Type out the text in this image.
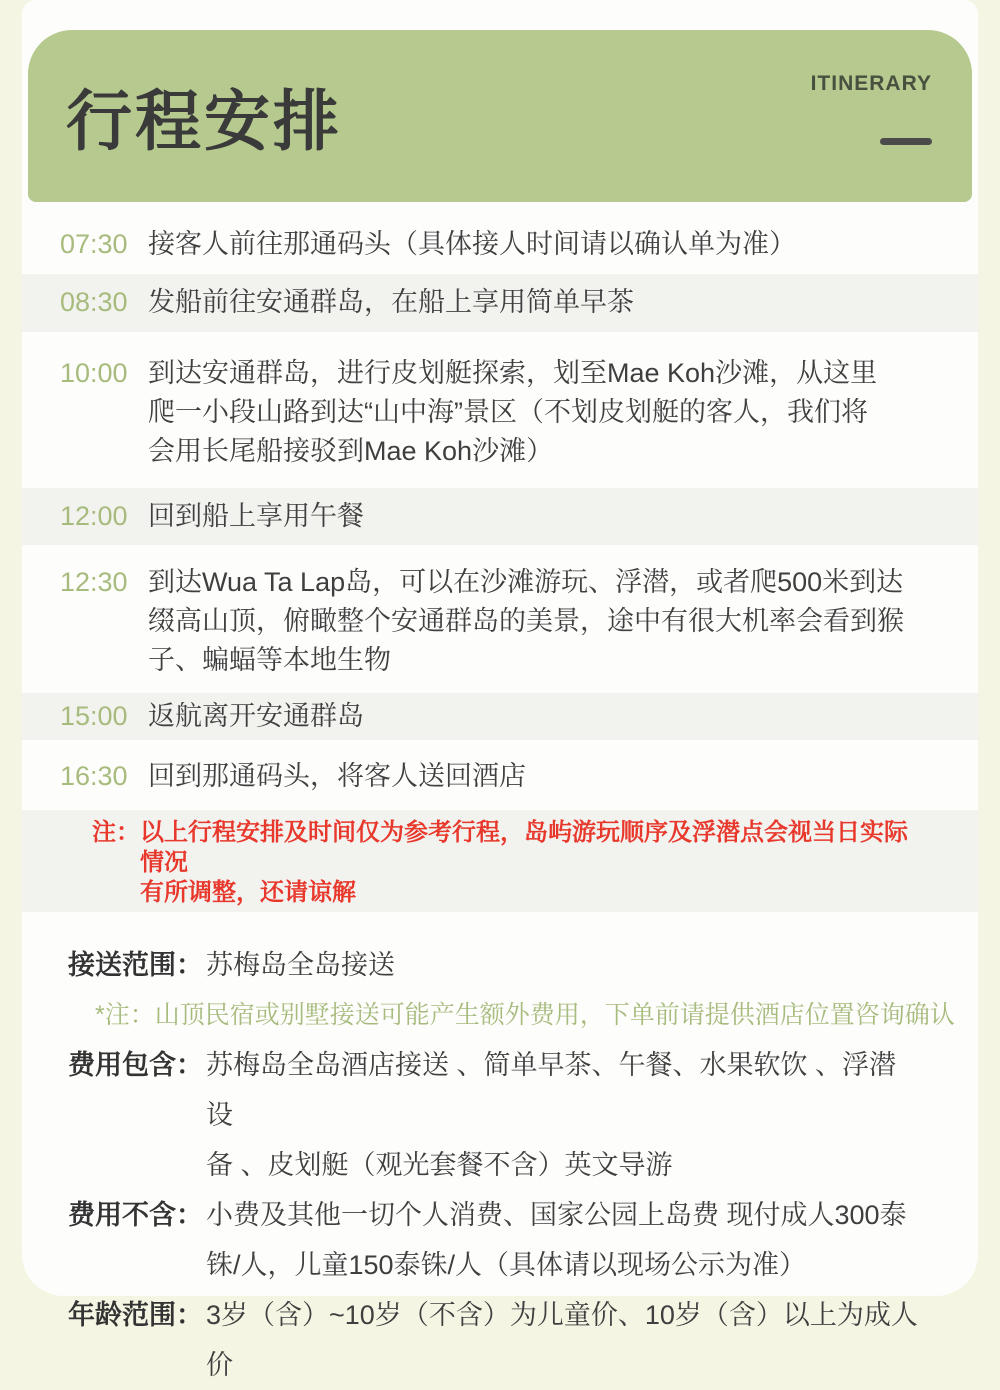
行程安排
ITINERARY
07:30 接客人前往那通码头（具体接人时间请以确认单为准）
08:30 发船前往安通群岛，在船上享用简单早茶
10:00 到达安通群岛，进行皮划艇探索，划至Mae Koh沙滩，从这里
爬一小段山路到达“山中海”景区（不划皮划艇的客人，我们将
会用长尾船接驳到Mae Koh沙滩）
12:00 回到船上享用午餐
12:30 到达Wua Ta Lap岛，可以在沙滩游玩、浮潜，或者爬500米到达
缀高山顶，俯瞰整个安通群岛的美景，途中有很大机率会看到猴
子、蝙蝠等本地生物
15:00 返航离开安通群岛
16:30 回到那通码头，将客人送回酒店
注： 以上行程安排及时间仅为参考行程，岛屿游玩顺序及浮潜点会视当日实际情况
有所调整，还请谅解
接送范围： 苏梅岛全岛接送
*注：山顶民宿或别墅接送可能产生额外费用，下单前请提供酒店位置咨询确认
费用包含： 苏梅岛全岛酒店接送 、简单早茶、午餐、水果软饮 、浮潜设
备 、皮划艇（观光套餐不含）英文导游
费用不含： 小费及其他一切个人消费、国家公园上岛费 现付成人300泰
铢/人，儿童150泰铢/人（具体请以现场公示为准）
年龄范围： 3岁（含）~10岁（不含）为儿童价、10岁（含）以上为成人价
